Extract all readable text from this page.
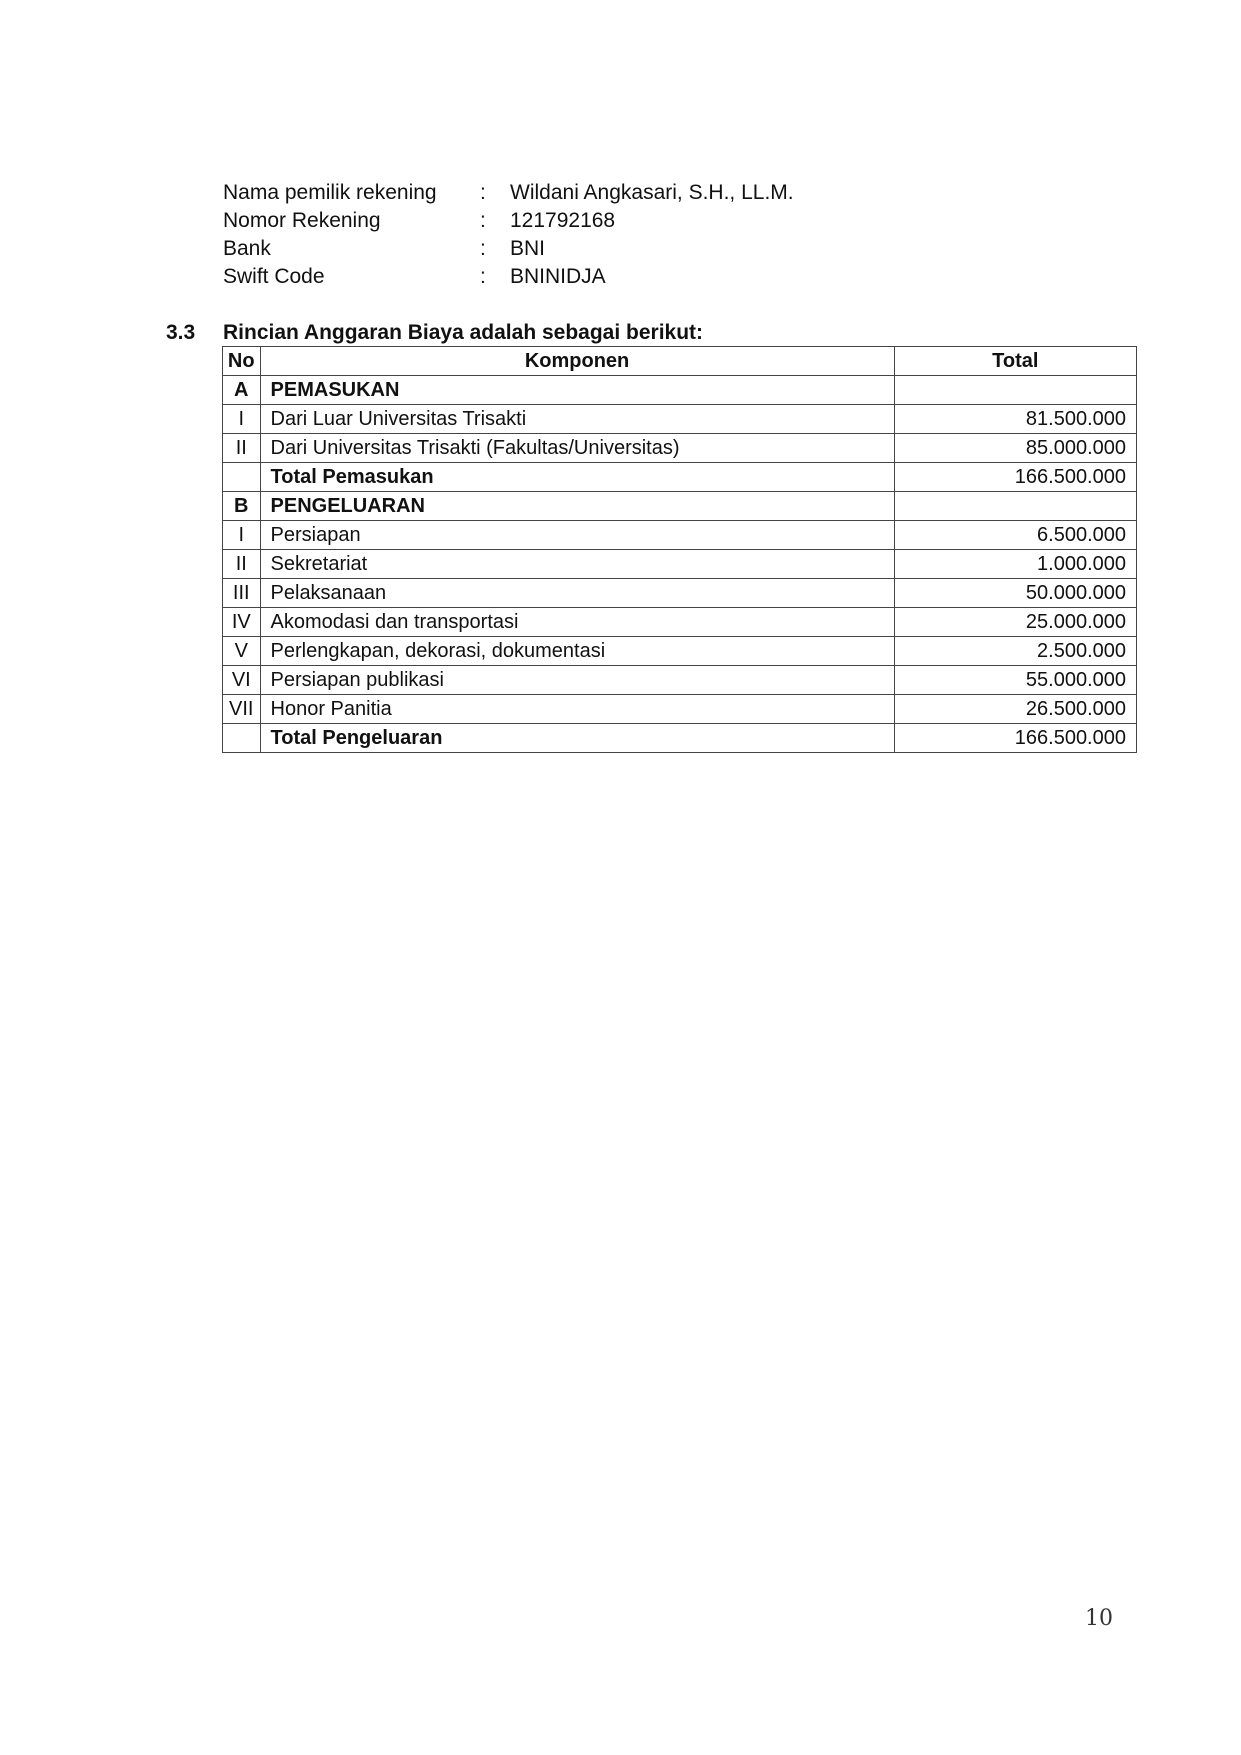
Nama pemilik rekening	:	Wildani Angkasari, S.H., LL.M.
Nomor Rekening	:	121792168
Bank	:	BNI
Swift Code	:	BNINIDJA
3.3	Rincian Anggaran Biaya adalah sebagai berikut:
No	Komponen	Total
A	PEMASUKAN	
I	Dari Luar Universitas Trisakti	81.500.000
II	Dari Universitas Trisakti (Fakultas/Universitas)	85.000.000
	Total Pemasukan	166.500.000
B	PENGELUARAN	
I	Persiapan	6.500.000
II	Sekretariat	1.000.000
III	Pelaksanaan	50.000.000
IV	Akomodasi dan transportasi	25.000.000
V	Perlengkapan, dekorasi, dokumentasi	2.500.000
VI	Persiapan publikasi	55.000.000
VII	Honor Panitia	26.500.000
	Total Pengeluaran	166.500.000
10
